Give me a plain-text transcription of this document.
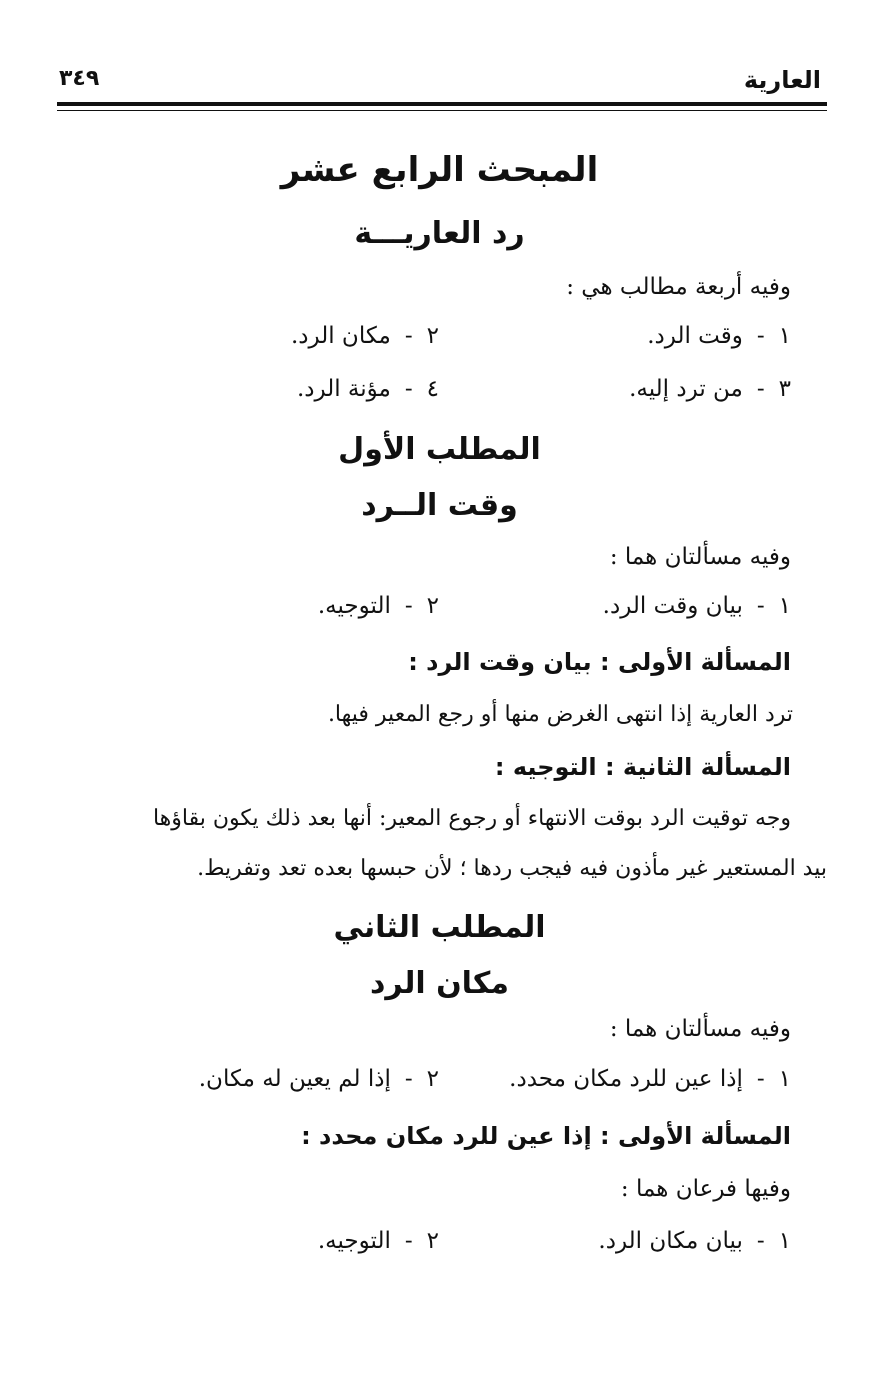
العارية
٣٤٩
المبحث الرابع عشر
رد العاريـــة
وفيه أربعة مطالب هي :
١-وقت الرد.
٢-مكان الرد.
٣-من ترد إليه.
٤-مؤنة الرد.
المطلب الأول
وقت الــرد
وفيه مسألتان هما :
١-بيان وقت الرد.
٢-التوجيه.
المسألة الأولى : بيان وقت الرد :
ترد العارية إذا انتهى الغرض منها أو رجع المعير فيها.
المسألة الثانية : التوجيه :
وجه توقيت الرد بوقت الانتهاء أو رجوع المعير: أنها بعد ذلك يكون بقاؤها
بيد المستعير غير مأذون فيه فيجب ردها ؛ لأن حبسها بعده تعد وتفريط.
المطلب الثاني
مكان الرد
وفيه مسألتان هما :
١-إذا عين للرد مكان محدد.
٢-إذا لم يعين له مكان.
المسألة الأولى : إذا عين للرد مكان محدد :
وفيها فرعان هما :
١-بيان مكان الرد.
٢-التوجيه.
